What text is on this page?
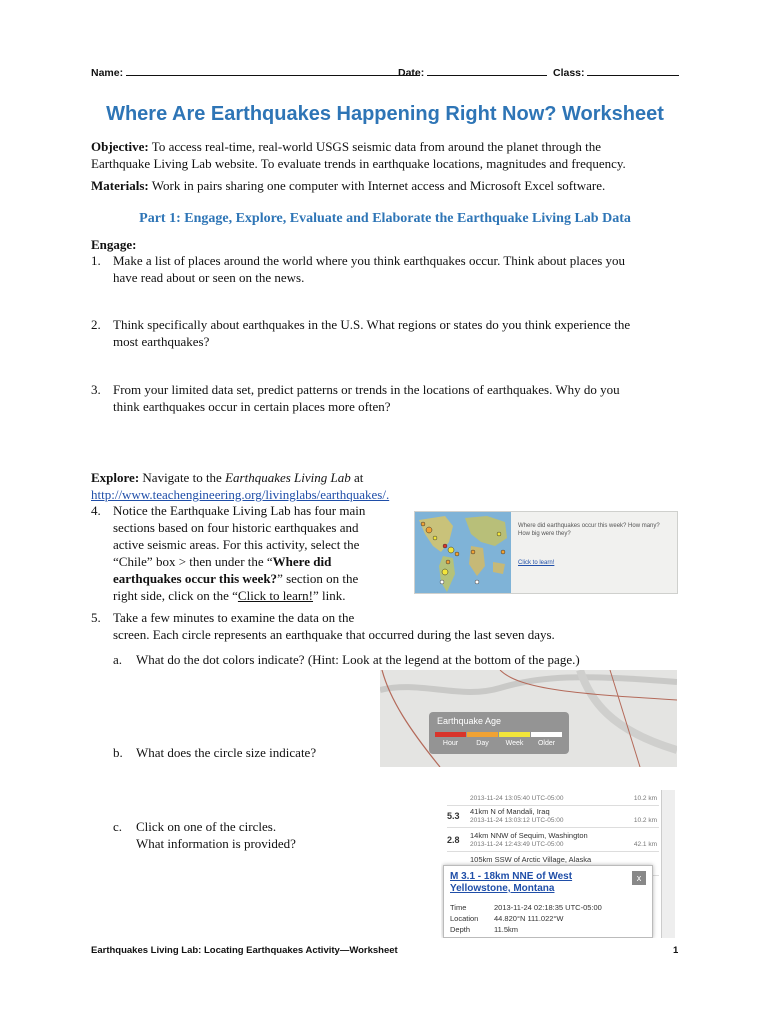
Name:	Date:	Class:
Where Are Earthquakes Happening Right Now? Worksheet
Objective: To access real-time, real-world USGS seismic data from around the planet through the
Earthquake Living Lab website. To evaluate trends in earthquake locations, magnitudes and frequency.
Materials: Work in pairs sharing one computer with Internet access and Microsoft Excel software.
Part 1: Engage, Explore, Evaluate and Elaborate the Earthquake Living Lab Data
Engage:
1. Make a list of places around the world where you think earthquakes occur. Think about places you
have read about or seen on the news.
2. Think specifically about earthquakes in the U.S. What regions or states do you think experience the
most earthquakes?
3. From your limited data set, predict patterns or trends in the locations of earthquakes. Why do you
think earthquakes occur in certain places more often?
Explore: Navigate to the Earthquakes Living Lab at
http://www.teachengineering.org/livinglabs/earthquakes/.
4. Notice the Earthquake Living Lab has four main
sections based on four historic earthquakes and
active seismic areas. For this activity, select the
“Chile” box > then under the “Where did
earthquakes occur this week?” section on the
right side, click on the “Click to learn!” link.
Where did earthquakes occur this week? How many? How big were they?
Click to learn!
5. Take a few minutes to examine the data on the
screen. Each circle represents an earthquake that occurred during the last seven days.
a. What do the dot colors indicate? (Hint: Look at the legend at the bottom of the page.)
Earthquake Age
Hour	Day	Week	Older
b. What does the circle size indicate?
c. Click on one of the circles.
What information is provided?
2013-11-24 13:05:40 UTC-05:00	10.2 km
5.3 41km N of Mandali, Iraq
2013-11-24 13:03:12 UTC-05:00	10.2 km
2.8 14km NNW of Sequim, Washington
2013-11-24 12:43:49 UTC-05:00	42.1 km
105km SSW of Arctic Village, Alaska
M 3.1 - 18km NNE of West
Yellowstone, Montana
x
Time	2013-11-24 02:18:35 UTC-05:00
Location 44.820°N 111.022°W
Depth	11.5km
Earthquakes Living Lab: Locating Earthquakes Activity—Worksheet	1
